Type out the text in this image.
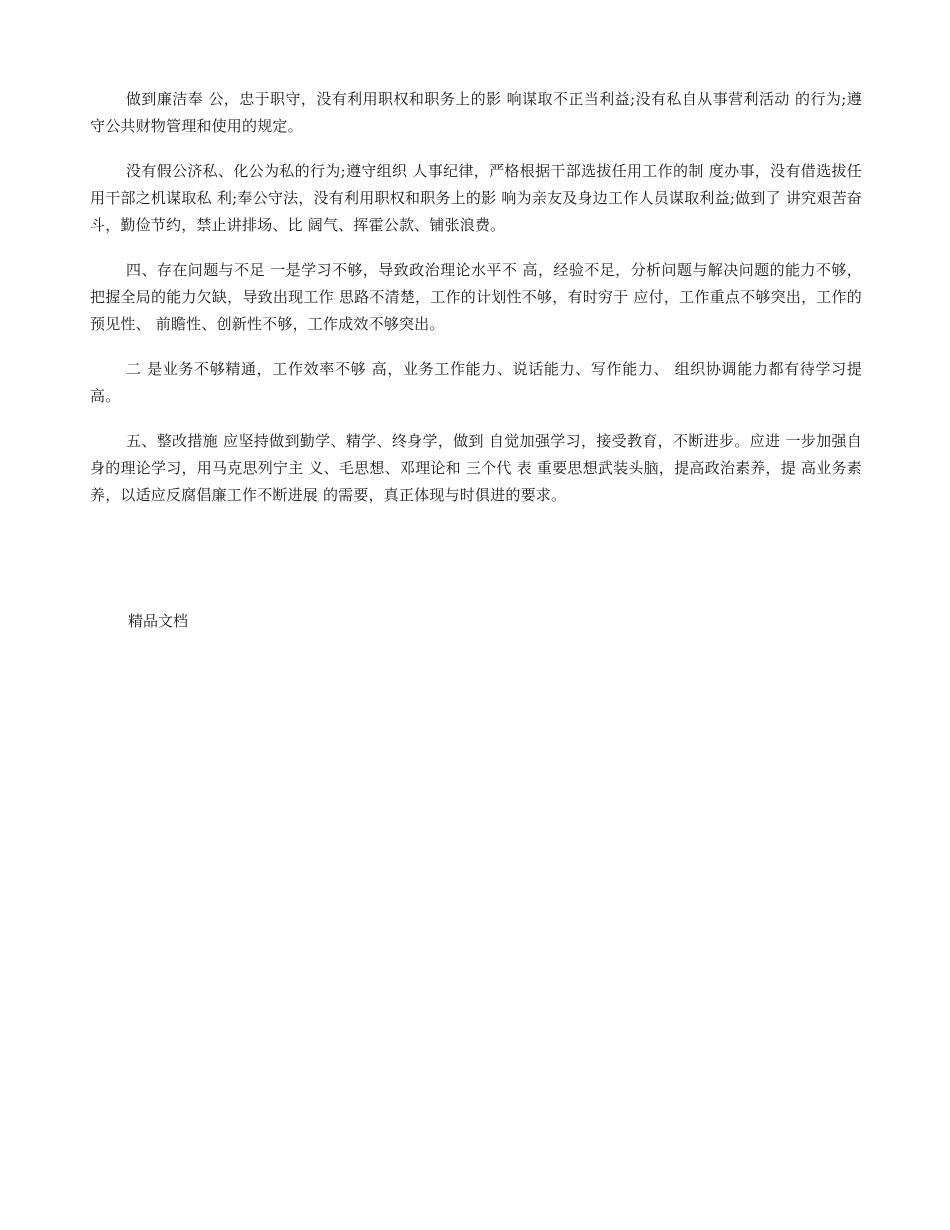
做到廉洁奉 公，忠于职守，没有利用职权和职务上的影 响谋取不正当利益;没有私自从事营利活动 的行为;遵守公共财物管理和使用的规定。

没有假公济私、化公为私的行为;遵守组织 人事纪律，严格根据干部选拔任用工作的制 度办事，没有借选拔任用干部之机谋取私 利;奉公守法，没有利用职权和职务上的影 响为亲友及身边工作人员谋取利益;做到了 讲究艰苦奋斗，勤俭节约，禁止讲排场、比 阔气、挥霍公款、铺张浪费。

四、存在问题与不足 一是学习不够，导致政治理论水平不 高，经验不足，分析问题与解决问题的能力不够，把握全局的能力欠缺，导致出现工作 思路不清楚，工作的计划性不够，有时穷于 应付，工作重点不够突出，工作的预见性、 前瞻性、创新性不够，工作成效不够突出。

二 是业务不够精通，工作效率不够 高，业务工作能力、说话能力、写作能力、 组织协调能力都有待学习提高。

五、整改措施 应坚持做到勤学、精学、终身学，做到 自觉加强学习，接受教育，不断进步。应进 一步加强自身的理论学习，用马克思列宁主 义、毛思想、邓理论和 三个代 表 重要思想武装头脑，提高政治素养，提 高业务素养，以适应反腐倡廉工作不断进展 的需要，真正体现与时俱进的要求。

精品文档
